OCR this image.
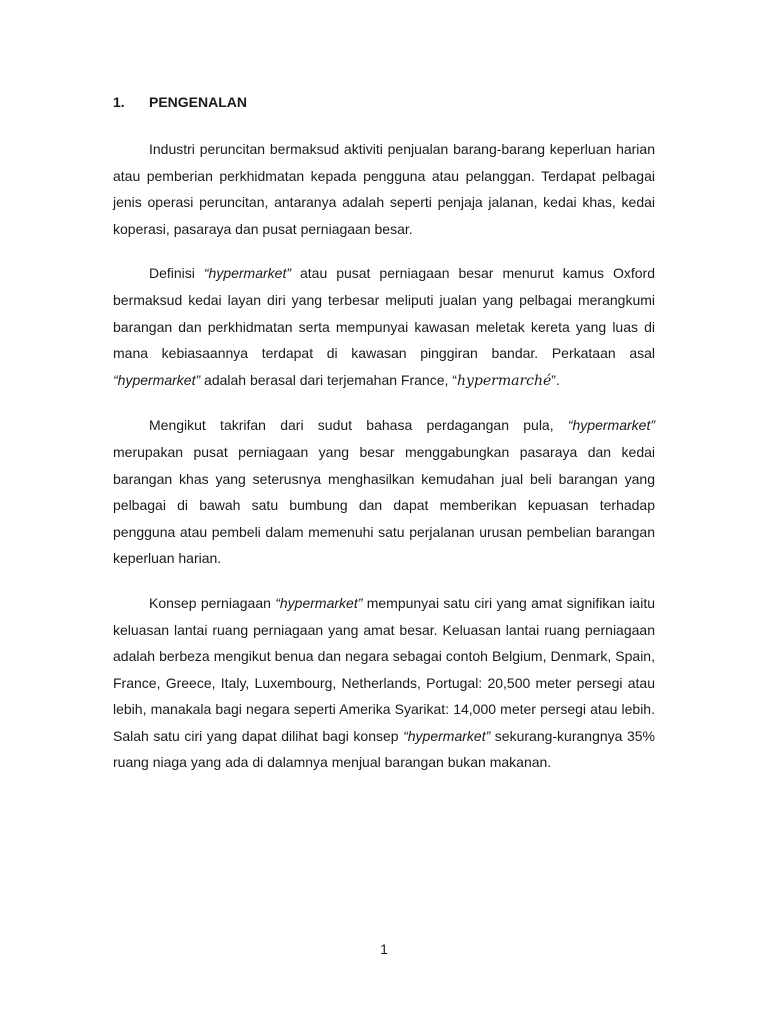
1. PENGENALAN

Industri peruncitan bermaksud aktiviti penjualan barang-barang keperluan harian atau pemberian perkhidmatan kepada pengguna atau pelanggan. Terdapat pelbagai jenis operasi peruncitan, antaranya adalah seperti penjaja jalanan, kedai khas, kedai koperasi, pasaraya dan pusat perniagaan besar.

Definisi “hypermarket” atau pusat perniagaan besar menurut kamus Oxford bermaksud kedai layan diri yang terbesar meliputi jualan yang pelbagai merangkumi barangan dan perkhidmatan serta mempunyai kawasan meletak kereta yang luas di mana kebiasaannya terdapat di kawasan pinggiran bandar. Perkataan asal “hypermarket” adalah berasal dari terjemahan France, “hypermarché”.

Mengikut takrifan dari sudut bahasa perdagangan pula, “hypermarket” merupakan pusat perniagaan yang besar menggabungkan pasaraya dan kedai barangan khas yang seterusnya menghasilkan kemudahan jual beli barangan yang pelbagai di bawah satu bumbung dan dapat memberikan kepuasan terhadap pengguna atau pembeli dalam memenuhi satu perjalanan urusan pembelian barangan keperluan harian.

Konsep perniagaan “hypermarket” mempunyai satu ciri yang amat signifikan iaitu keluasan lantai ruang perniagaan yang amat besar. Keluasan lantai ruang perniagaan adalah berbeza mengikut benua dan negara sebagai contoh Belgium, Denmark, Spain, France, Greece, Italy, Luxembourg, Netherlands, Portugal: 20,500 meter persegi atau lebih, manakala bagi negara seperti Amerika Syarikat: 14,000 meter persegi atau lebih. Salah satu ciri yang dapat dilihat bagi konsep “hypermarket” sekurang-kurangnya 35% ruang niaga yang ada di dalamnya menjual barangan bukan makanan.

1
